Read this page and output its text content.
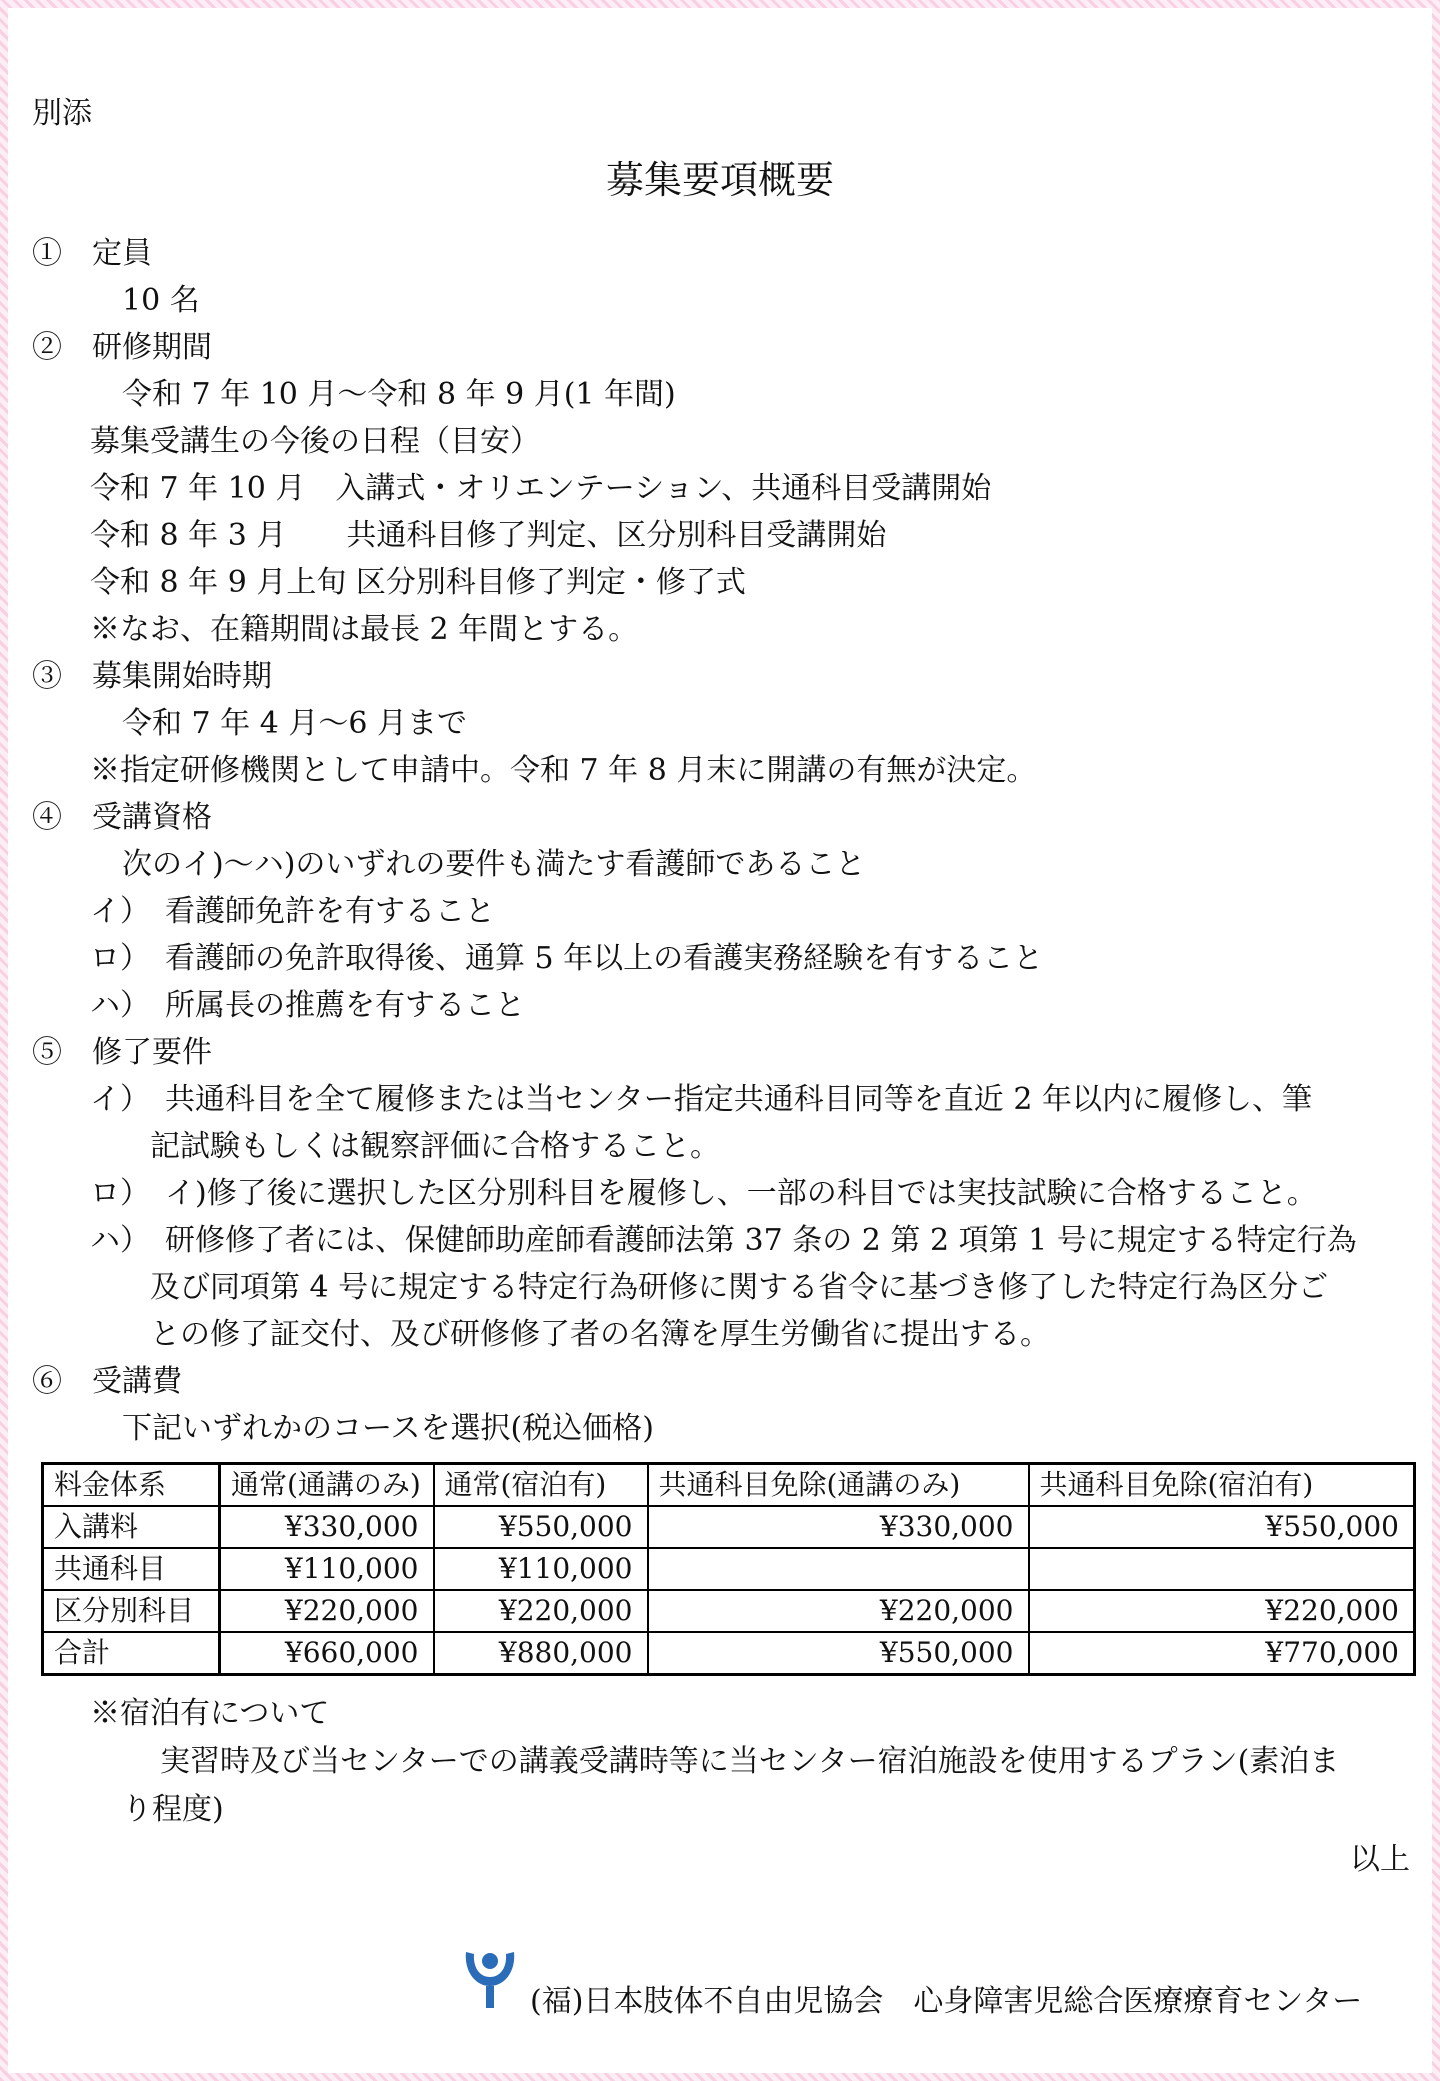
別添
募集要項概要
①　定員
10 名
②　研修期間
令和 7 年 10 月～令和 8 年 9 月(1 年間)
募集受講生の今後の日程（目安）
令和 7 年 10 月　入講式・オリエンテーション、共通科目受講開始
令和 8 年 3 月　　共通科目修了判定、区分別科目受講開始
令和 8 年 9 月上旬 区分別科目修了判定・修了式
※なお、在籍期間は最長 2 年間とする。
③　募集開始時期
令和 7 年 4 月～6 月まで
※指定研修機関として申請中。令和 7 年 8 月末に開講の有無が決定。
④　受講資格
次のイ)～ハ)のいずれの要件も満たす看護師であること
イ）　看護師免許を有すること
ロ）　看護師の免許取得後、通算 5 年以上の看護実務経験を有すること
ハ）　所属長の推薦を有すること
⑤　修了要件
イ）　共通科目を全て履修または当センター指定共通科目同等を直近 2 年以内に履修し、筆
記試験もしくは観察評価に合格すること。
ロ）　イ)修了後に選択した区分別科目を履修し、一部の科目では実技試験に合格すること。
ハ）　研修修了者には、保健師助産師看護師法第 37 条の 2 第 2 項第 1 号に規定する特定行為
及び同項第 4 号に規定する特定行為研修に関する省令に基づき修了した特定行為区分ご
との修了証交付、及び研修修了者の名簿を厚生労働省に提出する。
⑥　受講費
下記いずれかのコースを選択(税込価格)
料金体系	通常(通講のみ)	通常(宿泊有)	共通科目免除(通講のみ)	共通科目免除(宿泊有)
入講料	¥330,000	¥550,000	¥330,000	¥550,000
共通科目	¥110,000	¥110,000		
区分別科目	¥220,000	¥220,000	¥220,000	¥220,000
合計	¥660,000	¥880,000	¥550,000	¥770,000
※宿泊有について
実習時及び当センターでの講義受講時等に当センター宿泊施設を使用するプラン(素泊ま
り程度)
以上
(福)日本肢体不自由児協会　心身障害児総合医療療育センター
